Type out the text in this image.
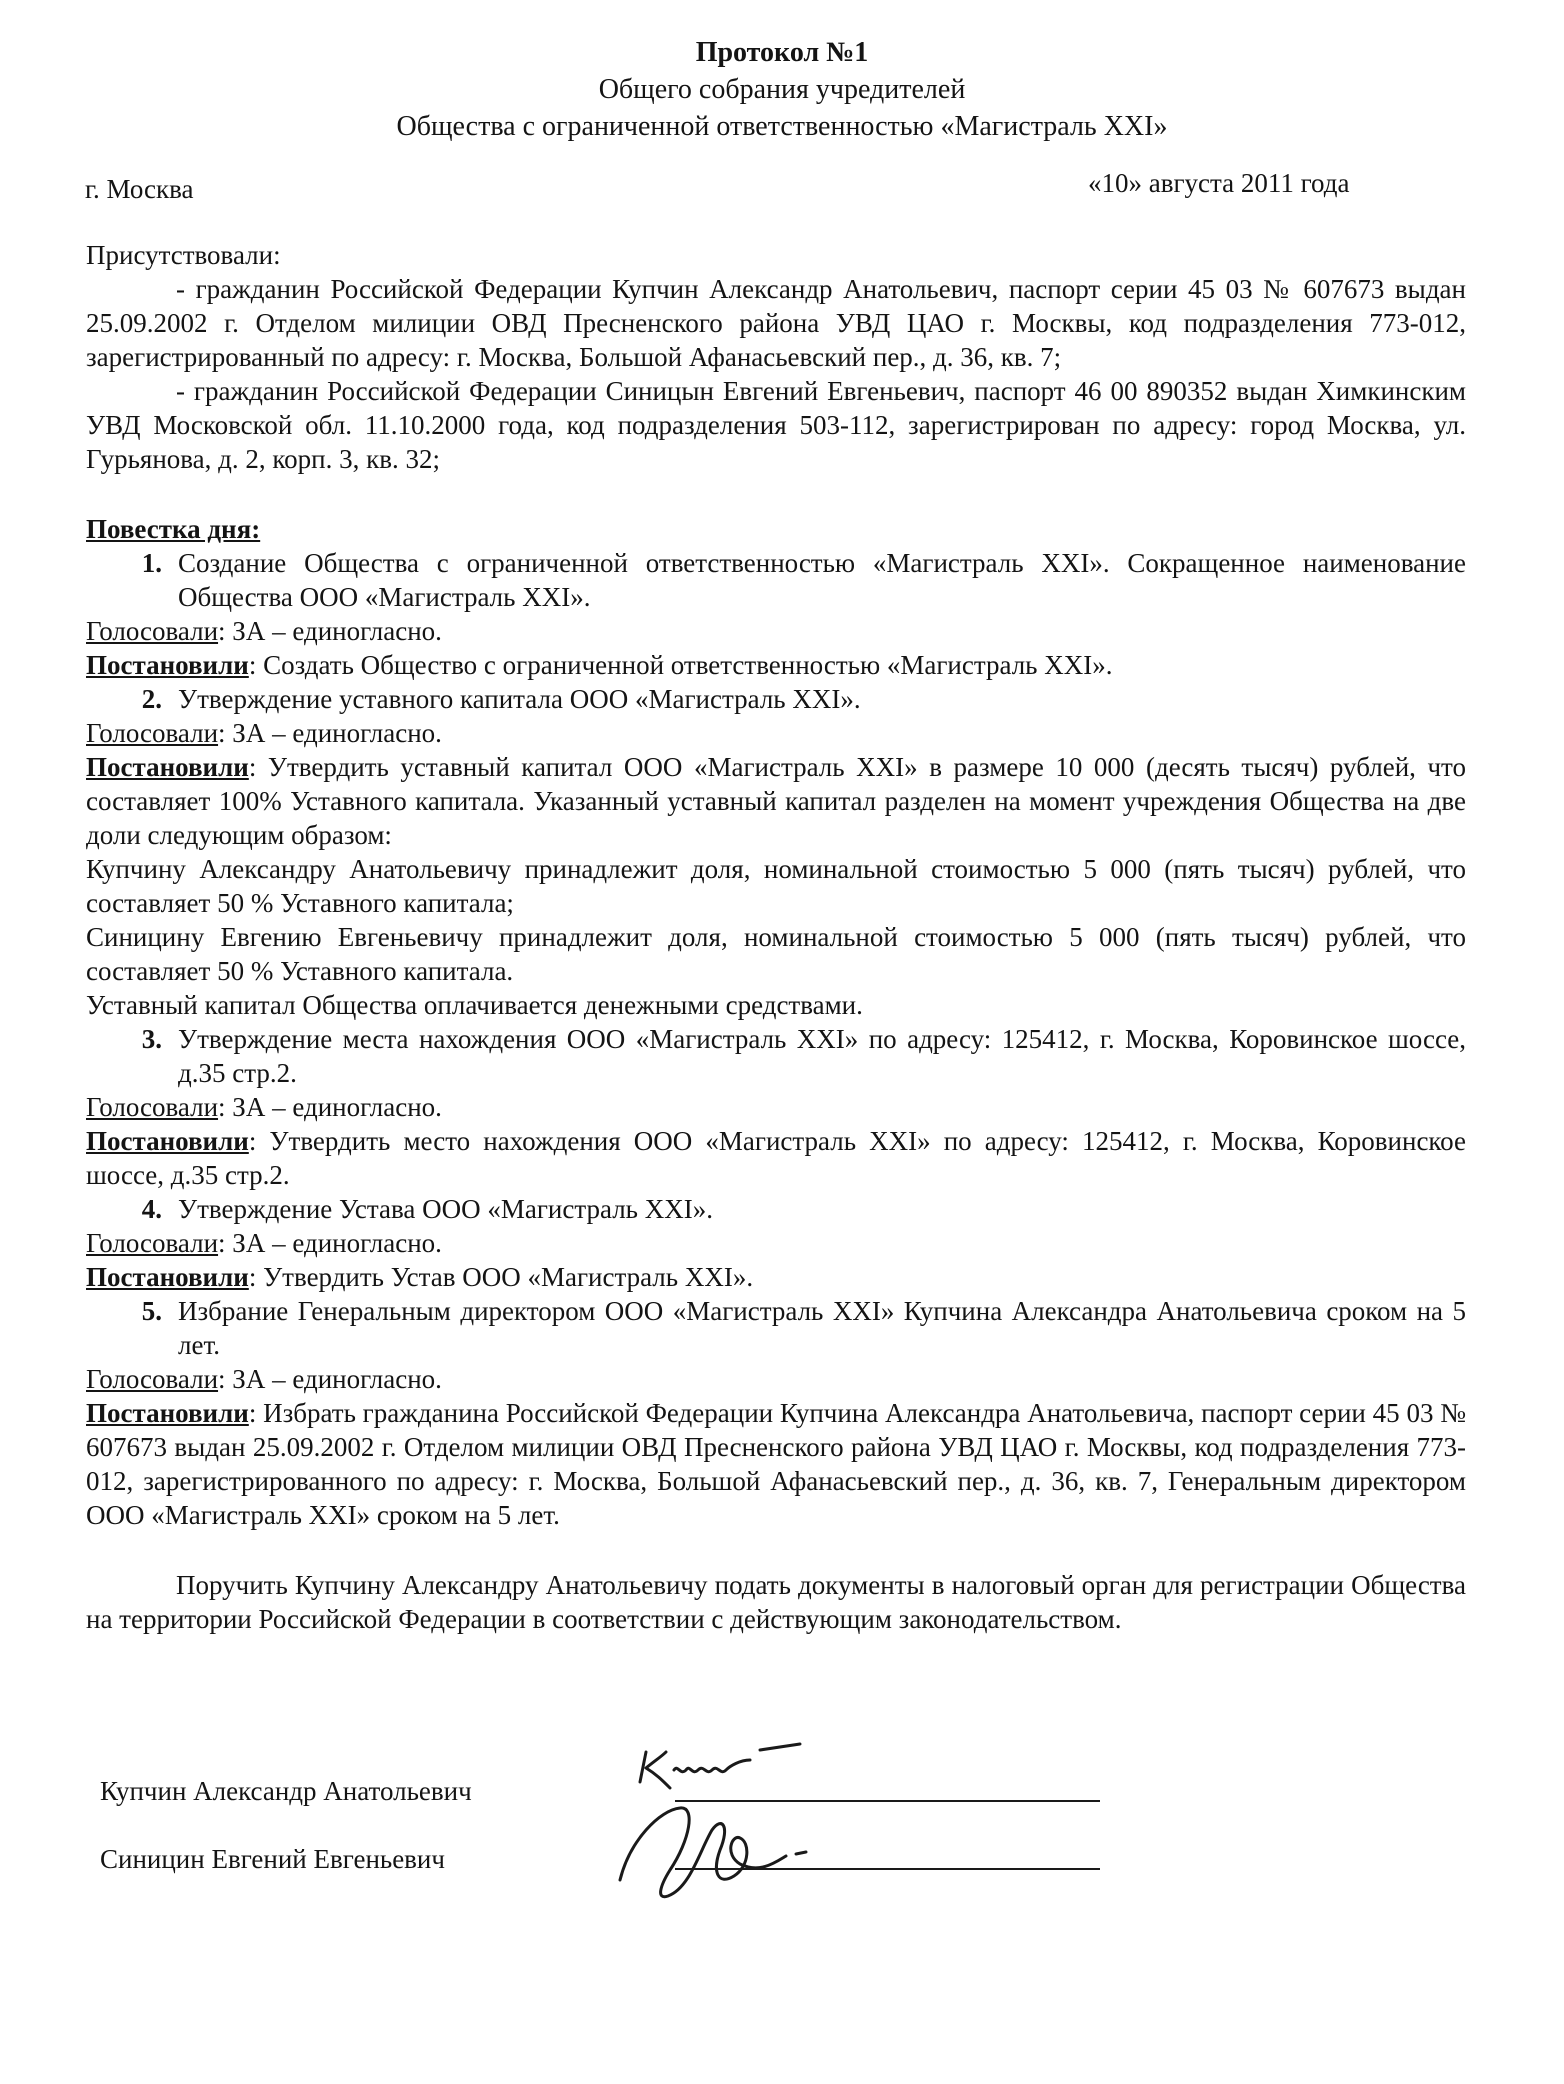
Протокол №1
Общего собрания учредителей
Общества с ограниченной ответственностью «Магистраль XXI»
г. Москва	«10» августа 2011 года

Присутствовали:

- гражданин Российской Федерации Купчин Александр Анатольевич, паспорт серии 45 03 № 607673 выдан 25.09.2002 г. Отделом милиции ОВД Пресненского района УВД ЦАО г. Москвы, код подразделения 773-012, зарегистрированный по адресу: г. Москва, Большой Афанасьевский пер., д. 36, кв. 7;

- гражданин Российской Федерации Синицын Евгений Евгеньевич, паспорт 46 00 890352 выдан Химкинским УВД Московской обл. 11.10.2000 года, код подразделения 503-112, зарегистрирован по адресу: город Москва, ул. Гурьянова, д. 2, корп. 3, кв. 32;

Повестка дня:

1. Создание Общества с ограниченной ответственностью «Магистраль XXI». Сокращенное наименование Общества ООО «Магистраль XXI».

Голосовали: ЗА – единогласно.

Постановили: Создать Общество с ограниченной ответственностью «Магистраль XXI».

2. Утверждение уставного капитала ООО «Магистраль XXI».

Голосовали: ЗА – единогласно.

Постановили: Утвердить уставный капитал ООО «Магистраль XXI» в размере 10 000 (десять тысяч) рублей, что составляет 100% Уставного капитала. Указанный уставный капитал разделен на момент учреждения Общества на две доли следующим образом:

Купчину Александру Анатольевичу принадлежит доля, номинальной стоимостью 5 000 (пять тысяч) рублей, что составляет 50 % Уставного капитала;

Синицину Евгению Евгеньевичу принадлежит доля, номинальной стоимостью 5 000 (пять тысяч) рублей, что составляет 50 % Уставного капитала.

Уставный капитал Общества оплачивается денежными средствами.

3. Утверждение места нахождения ООО «Магистраль XXI» по адресу: 125412, г. Москва, Коровинское шоссе, д.35 стр.2.

Голосовали: ЗА – единогласно.

Постановили: Утвердить место нахождения ООО «Магистраль XXI» по адресу: 125412, г. Москва, Коровинское шоссе, д.35 стр.2.

4. Утверждение Устава ООО «Магистраль XXI».

Голосовали: ЗА – единогласно.

Постановили: Утвердить Устав ООО «Магистраль XXI».

5. Избрание Генеральным директором ООО «Магистраль XXI» Купчина Александра Анатольевича сроком на 5 лет.

Голосовали: ЗА – единогласно.

Постановили: Избрать гражданина Российской Федерации Купчина Александра Анатольевича, паспорт серии 45 03 № 607673 выдан 25.09.2002 г. Отделом милиции ОВД Пресненского района УВД ЦАО г. Москвы, код подразделения 773-012, зарегистрированного по адресу: г. Москва, Большой Афанасьевский пер., д. 36, кв. 7, Генеральным директором ООО «Магистраль XXI» сроком на 5 лет.

Поручить Купчину Александру Анатольевичу подать документы в налоговый орган для регистрации Общества на территории Российской Федерации в соответствии с действующим законодательством.

Купчин Александр Анатольевич
Синицин Евгений Евгеньевич
